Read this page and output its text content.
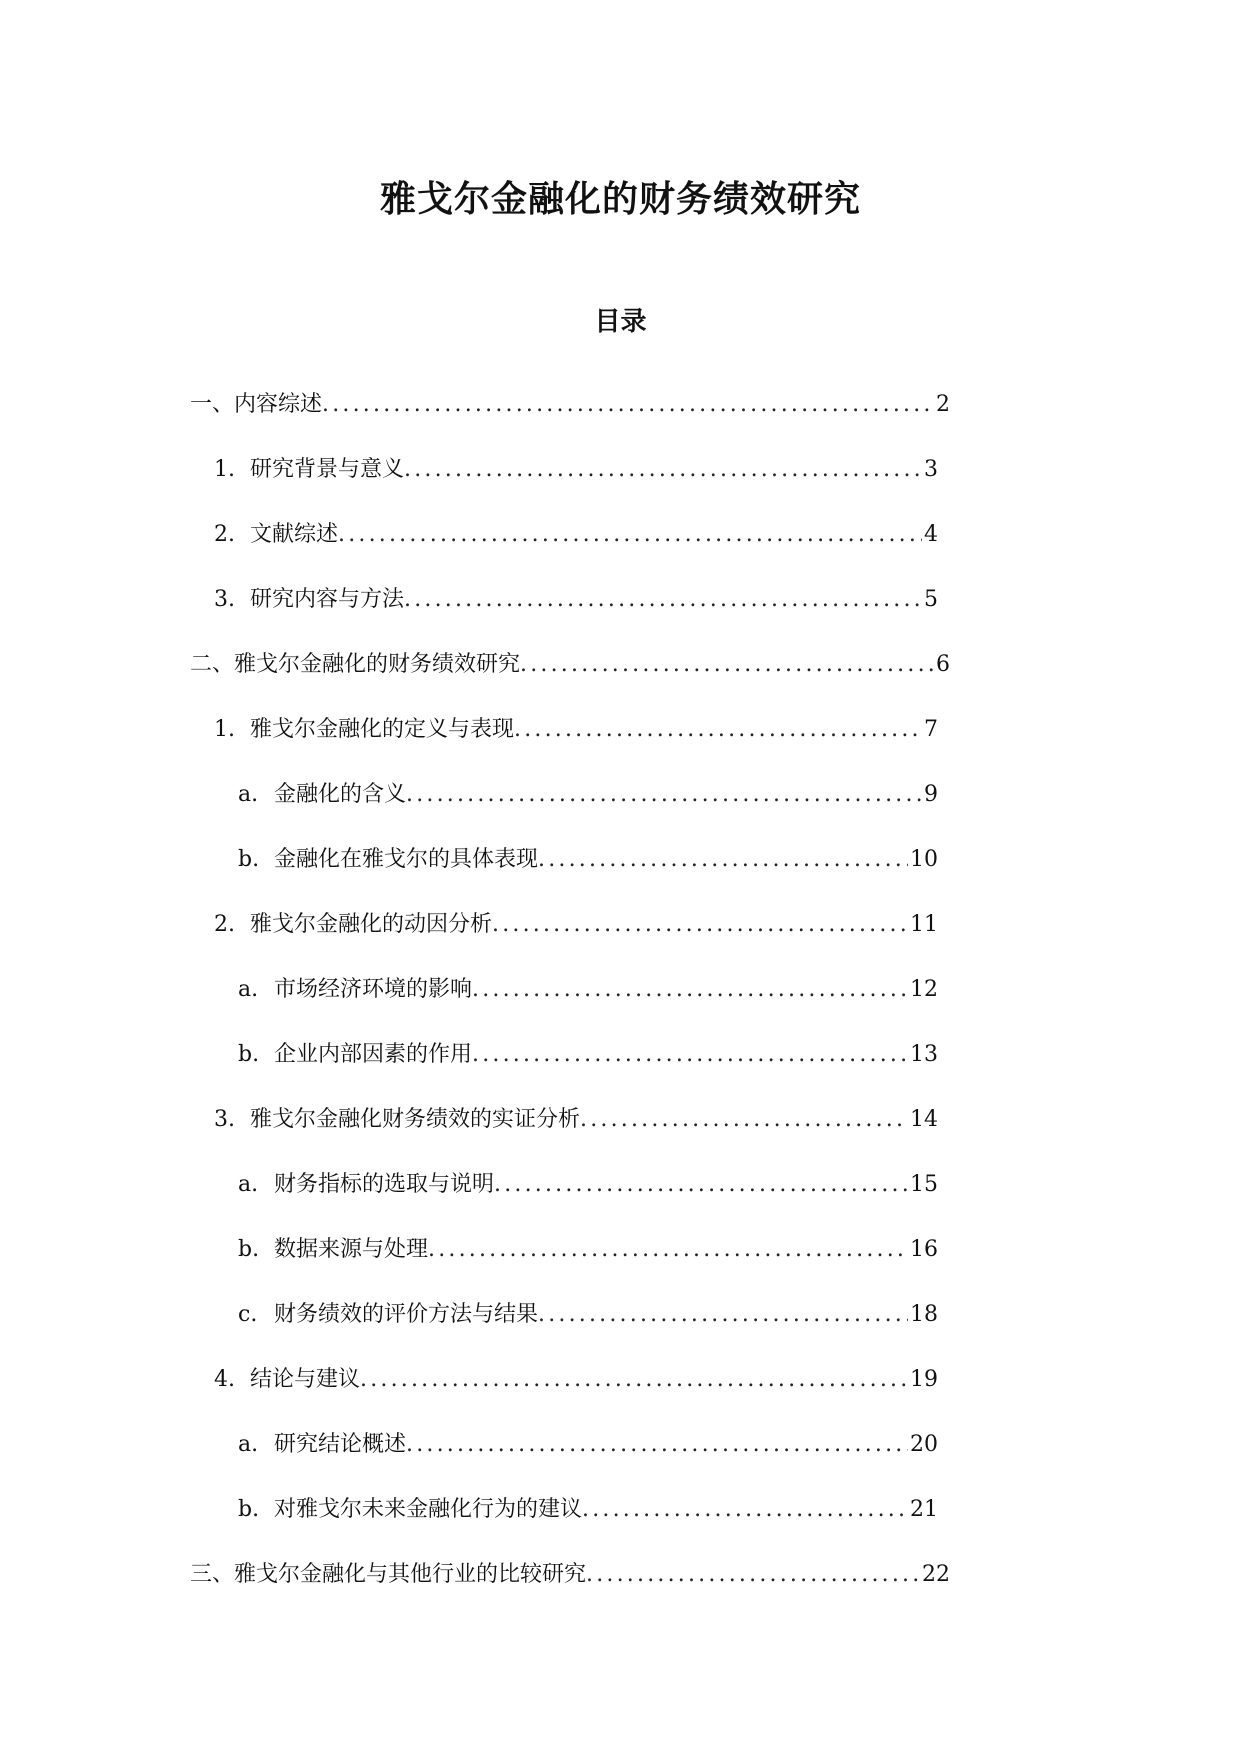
雅戈尔金融化的财务绩效研究
目录
一、 内容综述 .....	2
1. 研究背景与意义 .....	3
2. 文献综述 .....	4
3. 研究内容与方法 .....	5
二、 雅戈尔金融化的财务绩效研究 .....	6
1. 雅戈尔金融化的定义与表现 .....	7
a. 金融化的含义 .....	9
b. 金融化在雅戈尔的具体表现 .....	10
2. 雅戈尔金融化的动因分析 .....	11
a. 市场经济环境的影响 .....	12
b. 企业内部因素的作用 .....	13
3. 雅戈尔金融化财务绩效的实证分析 .....	14
a. 财务指标的选取与说明 .....	15
b. 数据来源与处理 .....	16
c. 财务绩效的评价方法与结果 .....	18
4. 结论与建议 .....	19
a. 研究结论概述 .....	20
b. 对雅戈尔未来金融化行为的建议 .....	21
三、 雅戈尔金融化与其他行业的比较研究 .....	22
